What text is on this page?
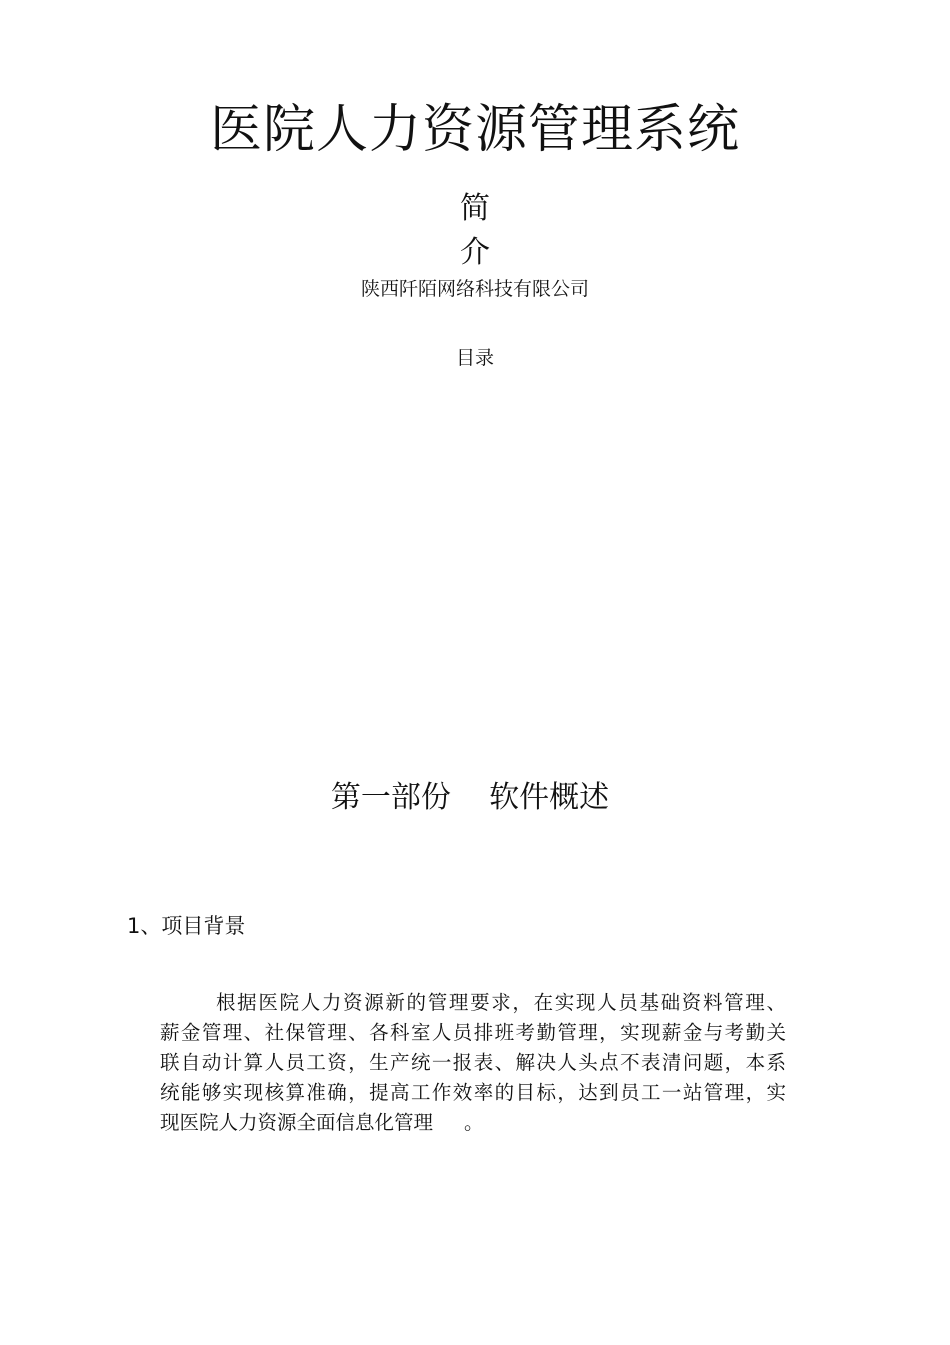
医院人力资源管理系统
简
介
陕西阡陌网络科技有限公司
目录
第一部份    软件概述
1、项目背景
根据医院人力资源新的管理要求，在实现人员基础资料管理、
薪金管理、社保管理、各科室人员排班考勤管理，实现薪金与考勤关
联自动计算人员工资，生产统一报表、解决人头点不表清问题，本系
统能够实现核算准确，提高工作效率的目标，达到员工一站管理，实
现医院人力资源全面信息化管理     。
